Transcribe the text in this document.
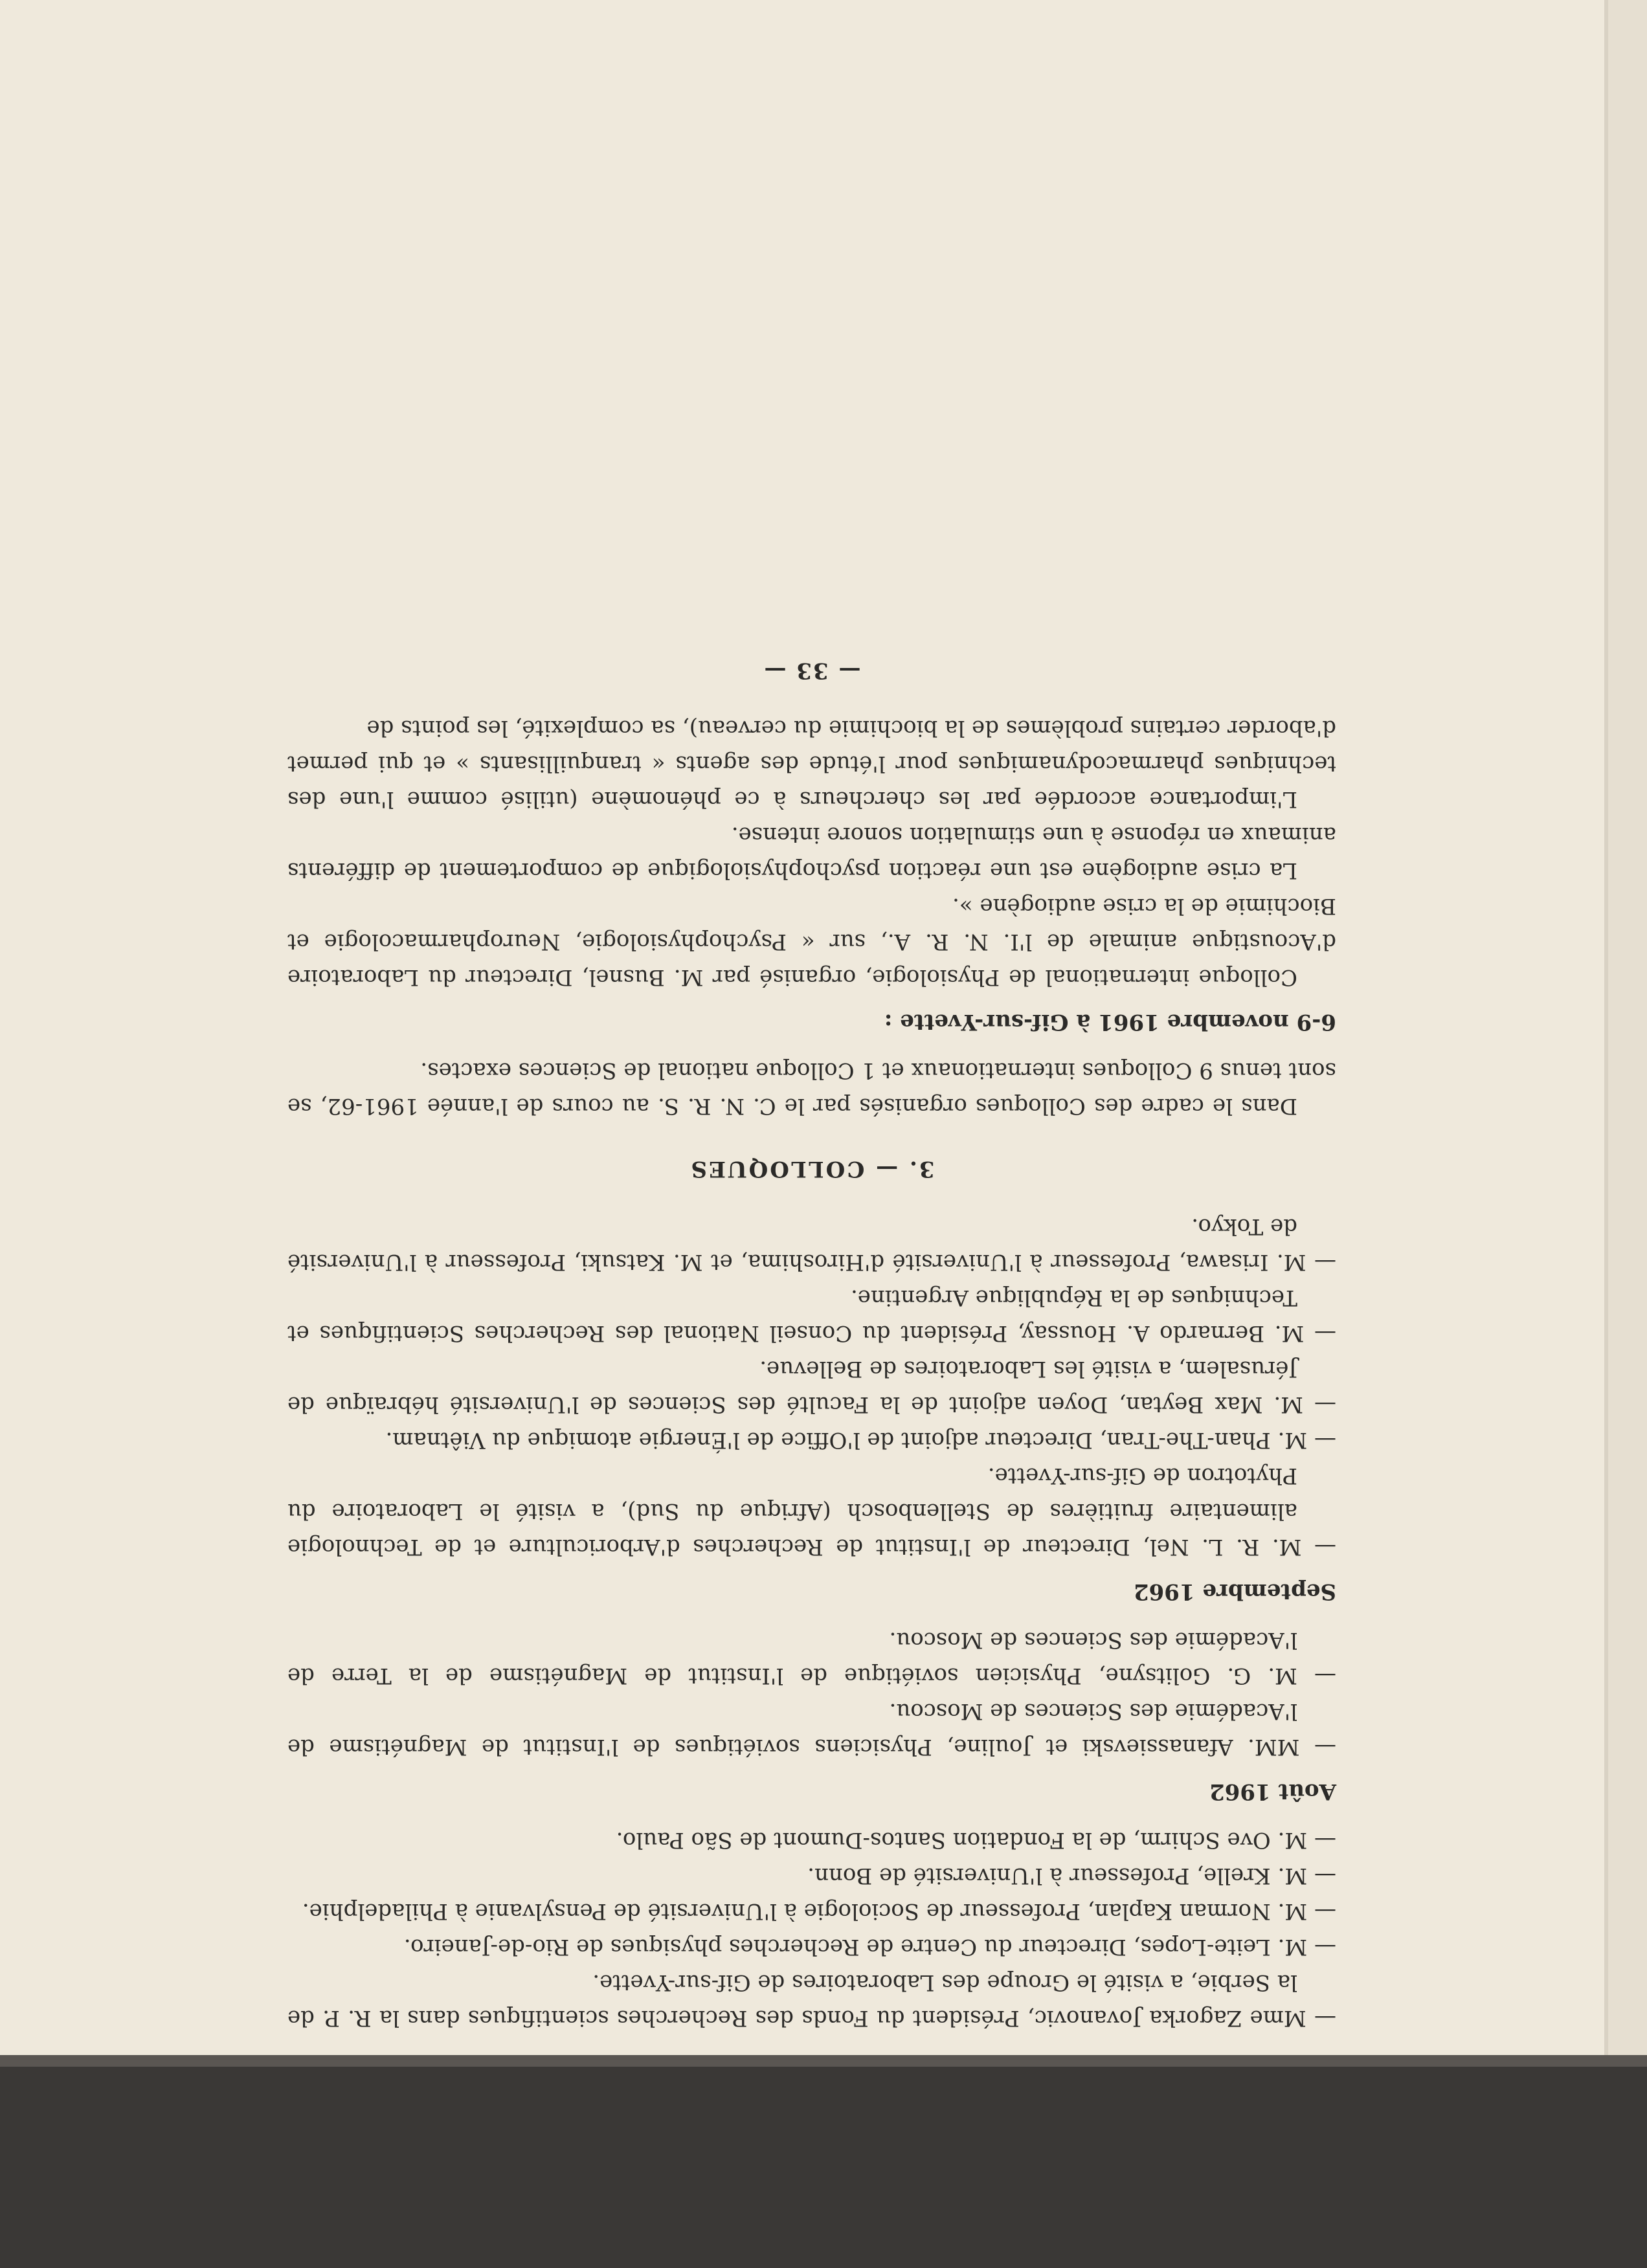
— Mme Zagorka Jovanovic, Président du Fonds des Recherches scientifiques dans la R. P. de la Serbie, a visité le Groupe des Laboratoires de Gif-sur-Yvette.

— M. Leite-Lopes, Directeur du Centre de Recherches physiques de Rio-de-Janeiro.

— M. Norman Kaplan, Professeur de Sociologie à l'Université de Pensylvanie à Philadelphie.

— M. Krelle, Professeur à l'Université de Bonn.

— M. Ove Schirm, de la Fondation Santos-Dumont de São Paulo.

Août 1962

— MM. Afanassievski et Jouline, Physiciens soviétiques de l'Institut de Magnétisme de l'Académie des Sciences de Moscou.

— M. G. Golitsyne, Physicien soviétique de l'Institut de Magnétisme de la Terre de l'Académie des Sciences de Moscou.

Septembre 1962

— M. R. L. Nel, Directeur de l'Institut de Recherches d'Arboriculture et de Technologie alimentaire fruitières de Stellenbosch (Afrique du Sud), a visité le Laboratoire du Phytotron de Gif-sur-Yvette.

— M. Phan-The-Tran, Directeur adjoint de l'Office de l'Énergie atomique du Viêtnam.

— M. Max Beytan, Doyen adjoint de la Faculté des Sciences de l'Université hébraïque de Jérusalem, a visité les Laboratoires de Bellevue.

— M. Bernardo A. Houssay, Président du Conseil National des Recherches Scientifiques et Techniques de la République Argentine.

— M. Irisawa, Professeur à l'Université d'Hiroshima, et M. Katsuki, Professeur à l'Université de Tokyo.

3. — COLLOQUES

Dans le cadre des Colloques organisés par le C. N. R. S. au cours de l'année 1961-62, se sont tenus 9 Colloques internationaux et 1 Colloque national de Sciences exactes.

6-9 novembre 1961 à Gif-sur-Yvette :

Colloque international de Physiologie, organisé par M. Busnel, Directeur du Laboratoire d'Acoustique animale de l'I. N. R. A., sur « Psychophysiologie, Neuropharmacologie et Biochimie de la crise audiogène ».

La crise audiogène est une réaction psychophysiologique de comportement de différents animaux en réponse à une stimulation sonore intense.

L'importance accordée par les chercheurs à ce phénomène (utilisé comme l'une des techniques pharmacodynamiques pour l'étude des agents « tranquillisants » et qui permet d'aborder certains problèmes de la biochimie du cerveau), sa complexité, les points de

— 33 —
